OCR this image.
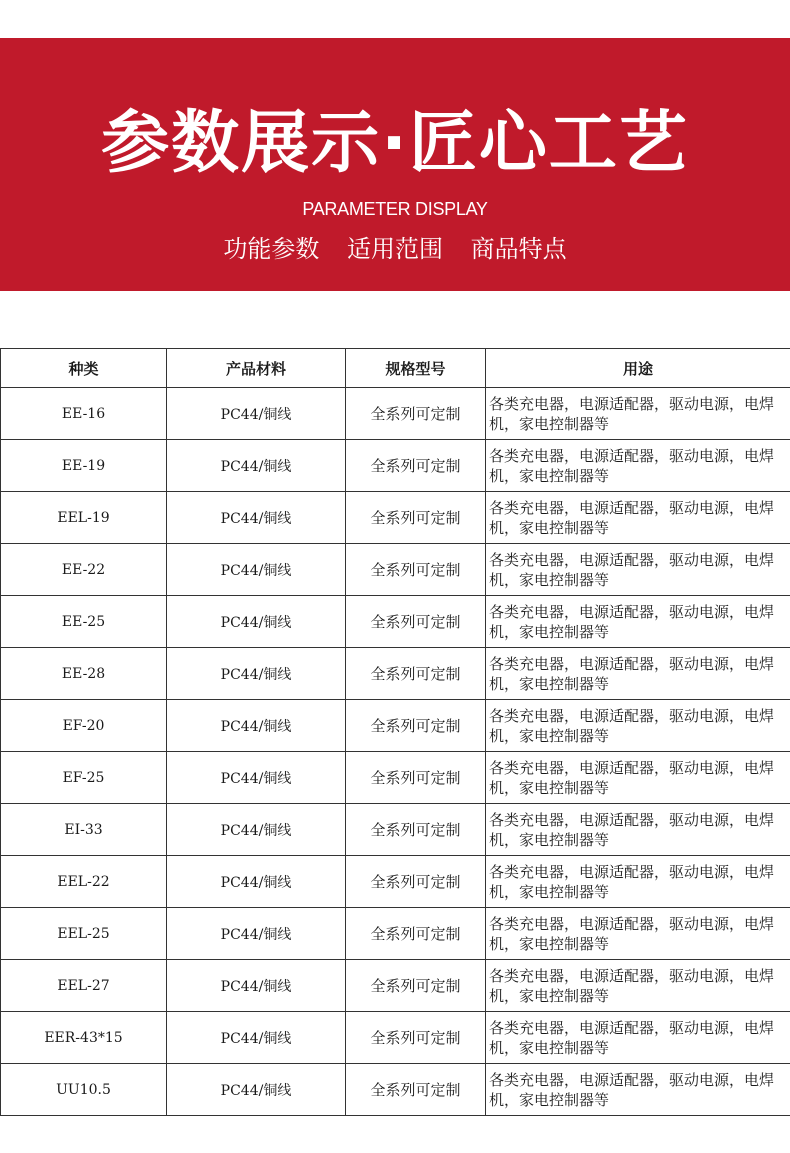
参数展示·匠心工艺
PARAMETER DISPLAY
功能参数 适用范围 商品特点
种类	产品材料	规格型号	用途
EE-16	PC44/铜线	全系列可定制	各类充电器，电源适配器，驱动电源，电焊机，家电控制器等
EE-19	PC44/铜线	全系列可定制	各类充电器，电源适配器，驱动电源，电焊机，家电控制器等
EEL-19	PC44/铜线	全系列可定制	各类充电器，电源适配器，驱动电源，电焊机，家电控制器等
EE-22	PC44/铜线	全系列可定制	各类充电器，电源适配器，驱动电源，电焊机，家电控制器等
EE-25	PC44/铜线	全系列可定制	各类充电器，电源适配器，驱动电源，电焊机，家电控制器等
EE-28	PC44/铜线	全系列可定制	各类充电器，电源适配器，驱动电源，电焊机，家电控制器等
EF-20	PC44/铜线	全系列可定制	各类充电器，电源适配器，驱动电源，电焊机，家电控制器等
EF-25	PC44/铜线	全系列可定制	各类充电器，电源适配器，驱动电源，电焊机，家电控制器等
EI-33	PC44/铜线	全系列可定制	各类充电器，电源适配器，驱动电源，电焊机，家电控制器等
EEL-22	PC44/铜线	全系列可定制	各类充电器，电源适配器，驱动电源，电焊机，家电控制器等
EEL-25	PC44/铜线	全系列可定制	各类充电器，电源适配器，驱动电源，电焊机，家电控制器等
EEL-27	PC44/铜线	全系列可定制	各类充电器，电源适配器，驱动电源，电焊机，家电控制器等
EER-43*15	PC44/铜线	全系列可定制	各类充电器，电源适配器，驱动电源，电焊机，家电控制器等
UU10.5	PC44/铜线	全系列可定制	各类充电器，电源适配器，驱动电源，电焊机，家电控制器等
